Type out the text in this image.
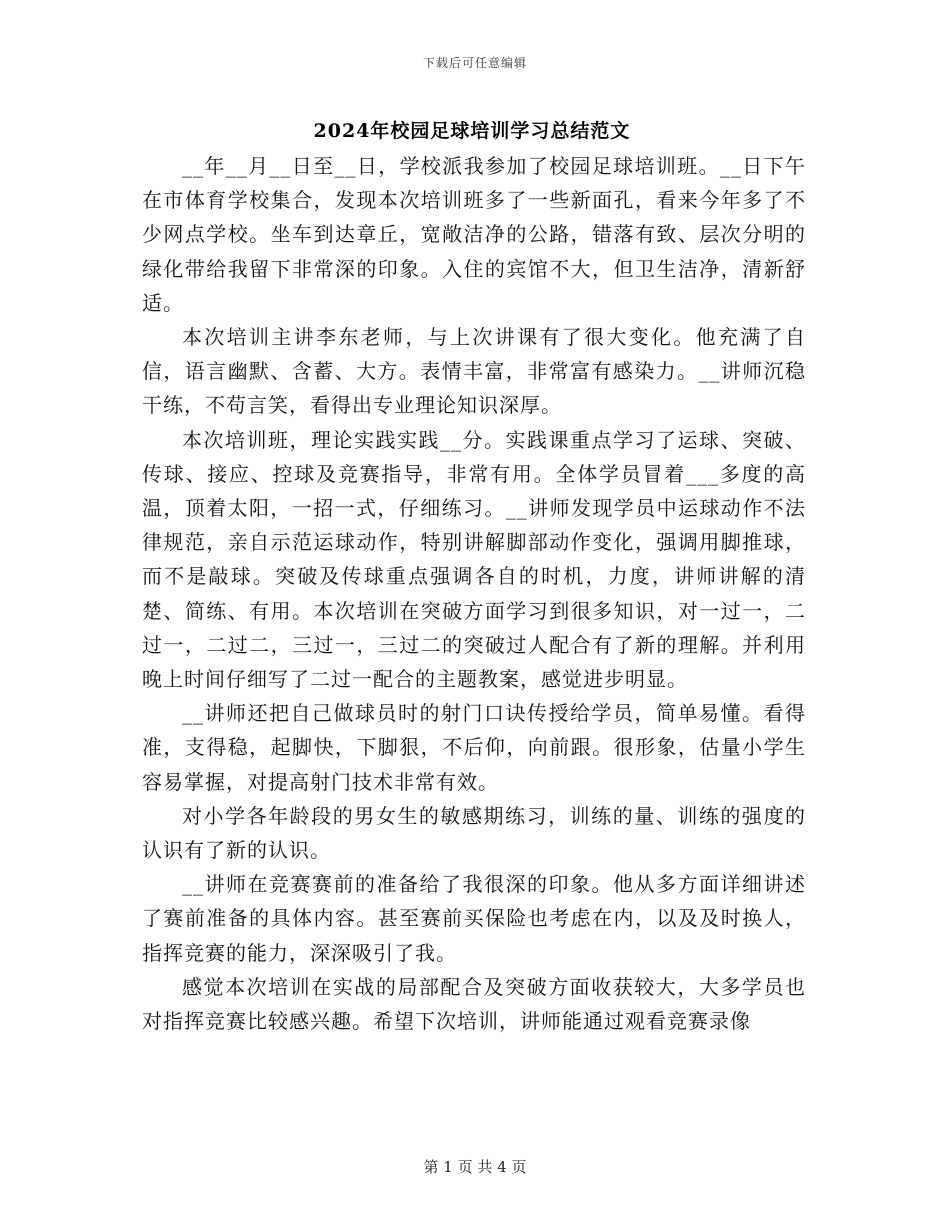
下载后可任意编辑
2024年校园足球培训学习总结范文

__年__月__日至__日，学校派我参加了校园足球培训班。__日下午在市体育学校集合，发现本次培训班多了一些新面孔，看来今年多了不少网点学校。坐车到达章丘，宽敞洁净的公路，错落有致、层次分明的绿化带给我留下非常深的印象。入住的宾馆不大，但卫生洁净，清新舒适。

本次培训主讲李东老师，与上次讲课有了很大变化。他充满了自信，语言幽默、含蓄、大方。表情丰富，非常富有感染力。__讲师沉稳干练，不苟言笑，看得出专业理论知识深厚。

本次培训班，理论实践实践__分。实践课重点学习了运球、突破、传球、接应、控球及竞赛指导，非常有用。全体学员冒着___多度的高温，顶着太阳，一招一式，仔细练习。__讲师发现学员中运球动作不法律规范，亲自示范运球动作，特别讲解脚部动作变化，强调用脚推球，而不是敲球。突破及传球重点强调各自的时机，力度，讲师讲解的清楚、简练、有用。本次培训在突破方面学习到很多知识，对一过一，二过一，二过二，三过一，三过二的突破过人配合有了新的理解。并利用晚上时间仔细写了二过一配合的主题教案，感觉进步明显。

__讲师还把自己做球员时的射门口诀传授给学员，简单易懂。看得准，支得稳，起脚快，下脚狠，不后仰，向前跟。很形象，估量小学生容易掌握，对提高射门技术非常有效。

对小学各年龄段的男女生的敏感期练习，训练的量、训练的强度的认识有了新的认识。

__讲师在竞赛赛前的准备给了我很深的印象。他从多方面详细讲述了赛前准备的具体内容。甚至赛前买保险也考虑在内，以及及时换人，指挥竞赛的能力，深深吸引了我。

感觉本次培训在实战的局部配合及突破方面收获较大，大多学员也对指挥竞赛比较感兴趣。希望下次培训，讲师能通过观看竞赛录像

第 1 页 共 4 页
